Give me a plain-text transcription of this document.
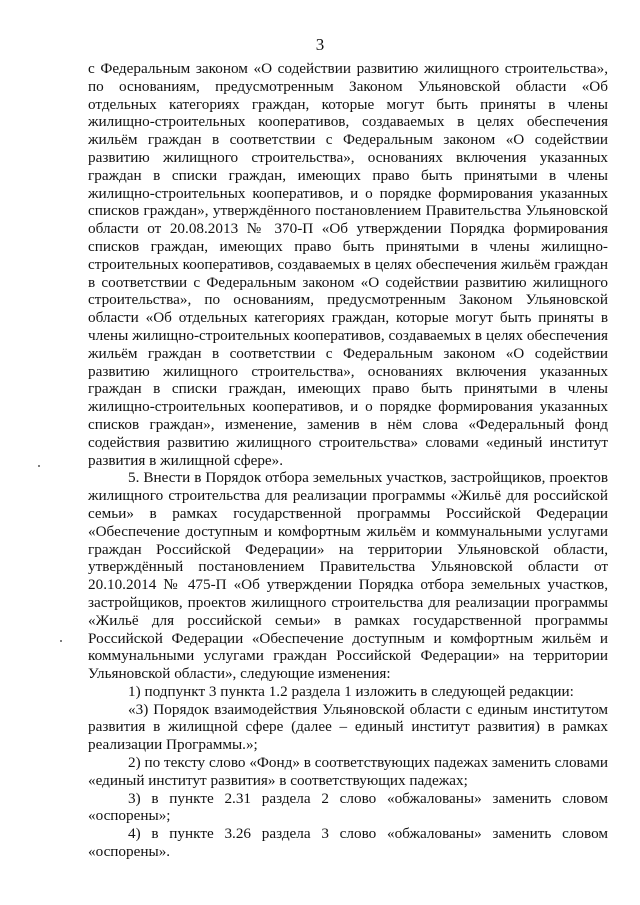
3

с Федеральным законом «О содействии развитию жилищного строительства», по основаниям, предусмотренным Законом Ульяновской области «Об отдельных категориях граждан, которые могут быть приняты в члены жилищно-строительных кооперативов, создаваемых в целях обеспечения жильём граждан в соответствии с Федеральным законом «О содействии развитию жилищного строительства», основаниях включения указанных граждан в списки граждан, имеющих право быть принятыми в члены жилищно-строительных кооперативов, и о порядке формирования указанных списков граждан», утверждённого постановлением Правительства Ульяновской области от 20.08.2013 № 370-П «Об утверждении Порядка формирования списков граждан, имеющих право быть принятыми в члены жилищно-строительных кооперативов, создаваемых в целях обеспечения жильём граждан в соответствии с Федеральным законом «О содействии развитию жилищного строительства», по основаниям, предусмотренным Законом Ульяновской области «Об отдельных категориях граждан, которые могут быть приняты в члены жилищно-строительных кооперативов, создаваемых в целях обеспечения жильём граждан в соответствии с Федеральным законом «О содействии развитию жилищного строительства», основаниях включения указанных граждан в списки граждан, имеющих право быть принятыми в члены жилищно-строительных кооперативов, и о порядке формирования указанных списков граждан», изменение, заменив в нём слова «Федеральный фонд содействия развитию жилищного строительства» словами «единый институт развития в жилищной сфере».

5. Внести в Порядок отбора земельных участков, застройщиков, проектов жилищного строительства для реализации программы «Жильё для российской семьи» в рамках государственной программы Российской Федерации «Обеспечение доступным и комфортным жильём и коммунальными услугами граждан Российской Федерации» на территории Ульяновской области, утверждённый постановлением Правительства Ульяновской области от 20.10.2014 № 475-П «Об утверждении Порядка отбора земельных участков, застройщиков, проектов жилищного строительства для реализации программы «Жильё для российской семьи» в рамках государственной программы Российской Федерации «Обеспечение доступным и комфортным жильём и коммунальными услугами граждан Российской Федерации» на территории Ульяновской области», следующие изменения:

1) подпункт 3 пункта 1.2 раздела 1 изложить в следующей редакции:

«3) Порядок взаимодействия Ульяновской области с единым институтом развития в жилищной сфере (далее – единый институт развития) в рамках реализации Программы.»;

2) по тексту слово «Фонд» в соответствующих падежах заменить словами «единый институт развития» в соответствующих падежах;

3) в пункте 2.31 раздела 2 слово «обжалованы» заменить словом «оспорены»;

4) в пункте 3.26 раздела 3 слово «обжалованы» заменить словом «оспорены».
